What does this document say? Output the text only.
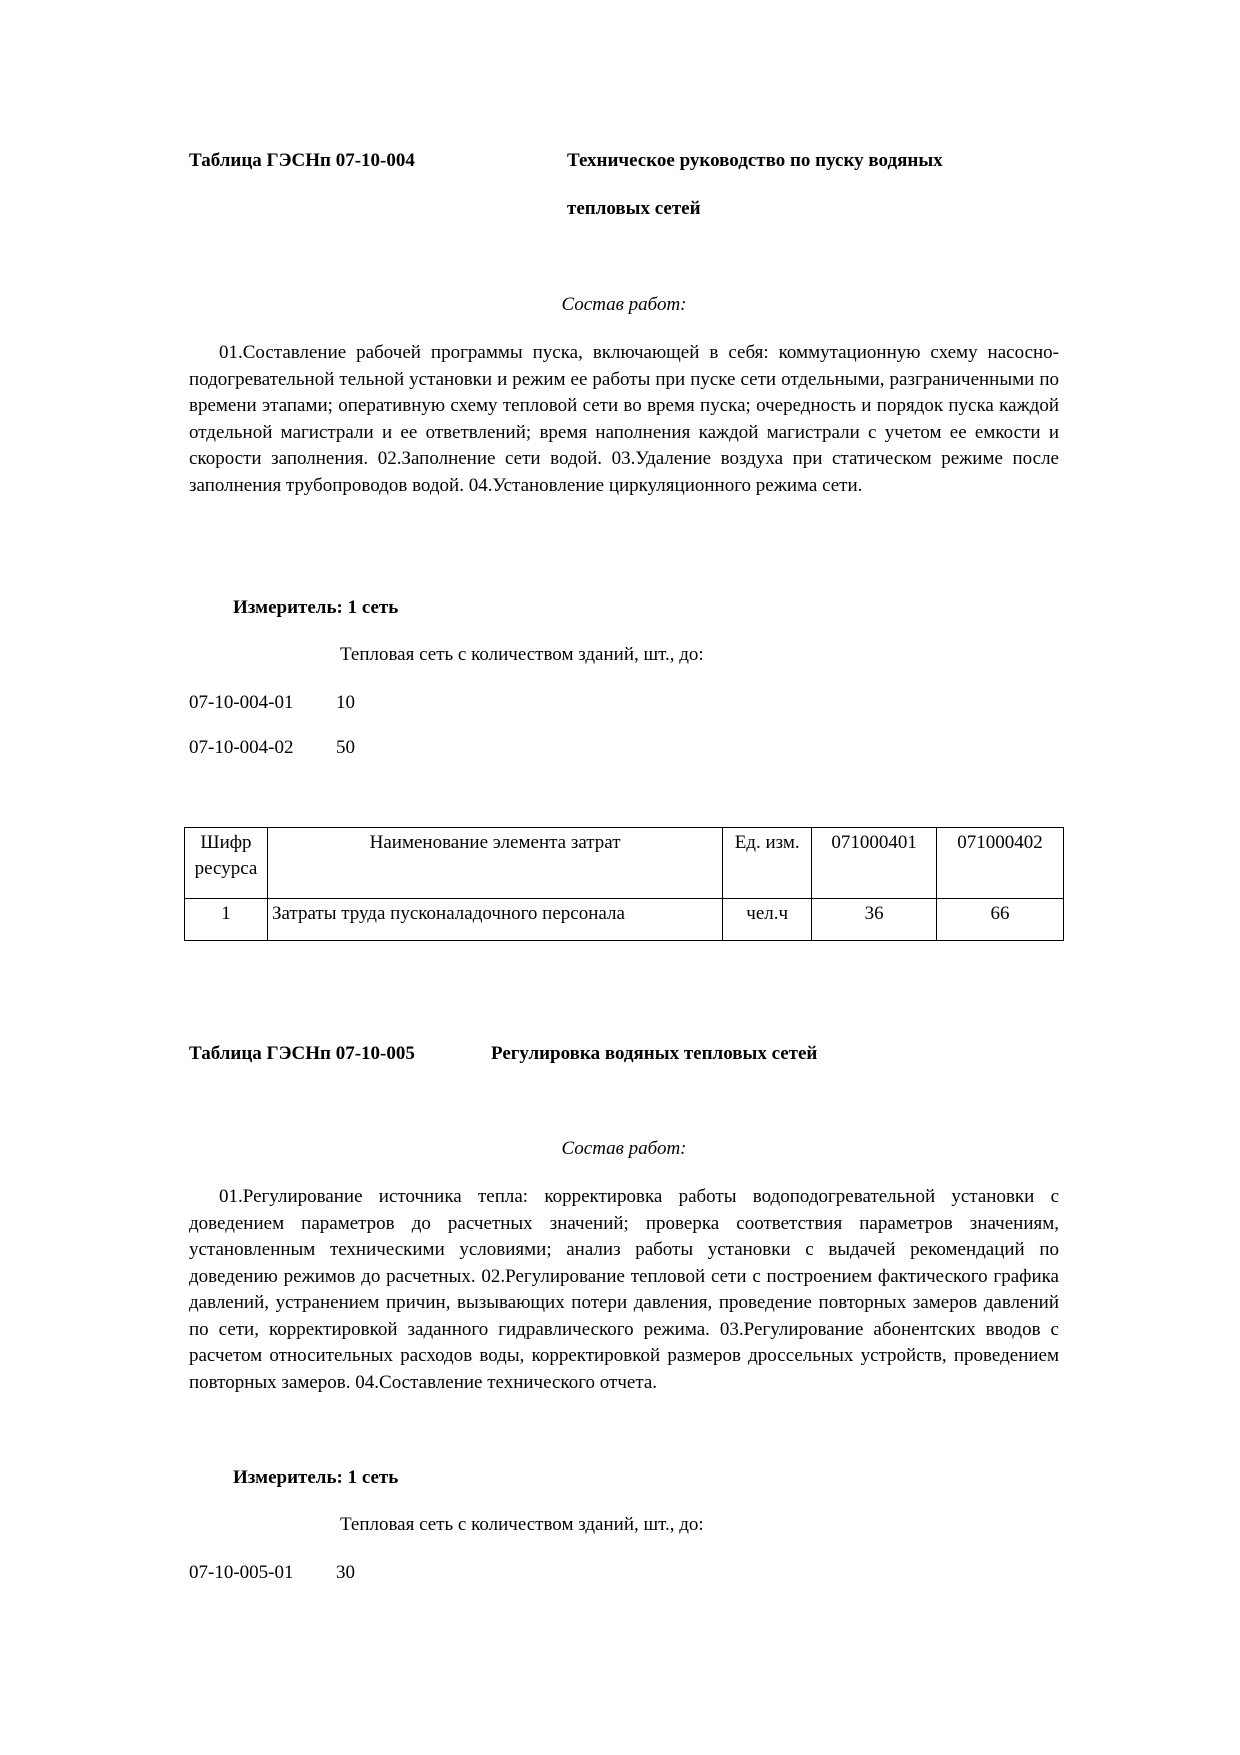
Таблица ГЭСНп 07-10-004	Техническое руководство по пуску водяных
тепловых сетей
Состав работ:
01.Составление рабочей программы пуска, включающей в себя: коммутационную схему насосно-подогревательной тельной установки и режим ее работы при пуске сети отдельными, разграниченными по времени этапами; оперативную схему тепловой сети во время пуска; очередность и порядок пуска каждой отдельной магистрали и ее ответвлений; время наполнения каждой магистрали с учетом ее емкости и скорости заполнения. 02.Заполнение сети водой. 03.Удаление воздуха при статическом режиме после заполнения трубопроводов водой. 04.Установление циркуляционного режима сети.
Измеритель: 1 сеть
Тепловая сеть с количеством зданий, шт., до:
07-10-004-01 10
07-10-004-02 50
Шифр ресурса	Наименование элемента затрат	Ед. изм.	071000401	071000402
1	Затраты труда пусконаладочного персонала	чел.ч	36	66
Таблица ГЭСНп 07-10-005	Регулировка водяных тепловых сетей
Состав работ:
01.Регулирование источника тепла: корректировка работы водоподогревательной установки с доведением параметров до расчетных значений; проверка соответствия параметров значениям, установленным техническими условиями; анализ работы установки с выдачей рекомендаций по доведению режимов до расчетных. 02.Регулирование тепловой сети с построением фактического графика давлений, устранением причин, вызывающих потери давления, проведение повторных замеров давлений по сети, корректировкой заданного гидравлического режима. 03.Регулирование абонентских вводов с расчетом относительных расходов воды, корректировкой размеров дроссельных устройств, проведением повторных замеров. 04.Составление технического отчета.
Измеритель: 1 сеть
Тепловая сеть с количеством зданий, шт., до:
07-10-005-01 30
